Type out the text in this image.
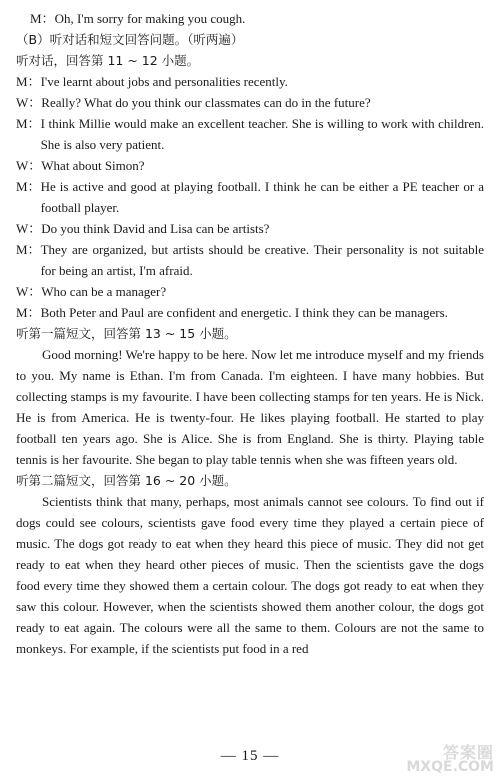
M： Oh, I'm sorry for making you cough.
（B）听对话和短文回答问题。（听两遍）
听对话，回答第 11 ~ 12 小题。
M： I've learnt about jobs and personalities recently.
W： Really? What do you think our classmates can do in the future?
M： I think Millie would make an excellent teacher. She is willing to work with children. She is also very patient.
W： What about Simon?
M： He is active and good at playing football. I think he can be either a PE teacher or a football player.
W： Do you think David and Lisa can be artists?
M： They are organized, but artists should be creative. Their personality is not suitable for being an artist, I'm afraid.
W： Who can be a manager?
M： Both Peter and Paul are confident and energetic. I think they can be managers.
听第一篇短文，回答第 13 ~ 15 小题。
Good morning! We're happy to be here. Now let me introduce myself and my friends to you. My name is Ethan. I'm from Canada. I'm eighteen. I have many hobbies. But collecting stamps is my favourite. I have been collecting stamps for ten years. He is Nick. He is from America. He is twenty-four. He likes playing football. He started to play football ten years ago. She is Alice. She is from England. She is thirty. Playing table tennis is her favourite. She began to play table tennis when she was fifteen years old.
听第二篇短文，回答第 16 ~ 20 小题。
Scientists think that many, perhaps, most animals cannot see colours. To find out if dogs could see colours, scientists gave food every time they played a certain piece of music. The dogs got ready to eat when they heard this piece of music. They did not get ready to eat when they heard other pieces of music. Then the scientists gave the dogs food every time they showed them a certain colour. The dogs got ready to eat when they saw this colour. However, when the scientists showed them another colour, the dogs got ready to eat again. The colours were all the same to them. Colours are not the same to monkeys. For example, if the scientists put food in a red
— 15 —	答案圈
MXQE.COM
